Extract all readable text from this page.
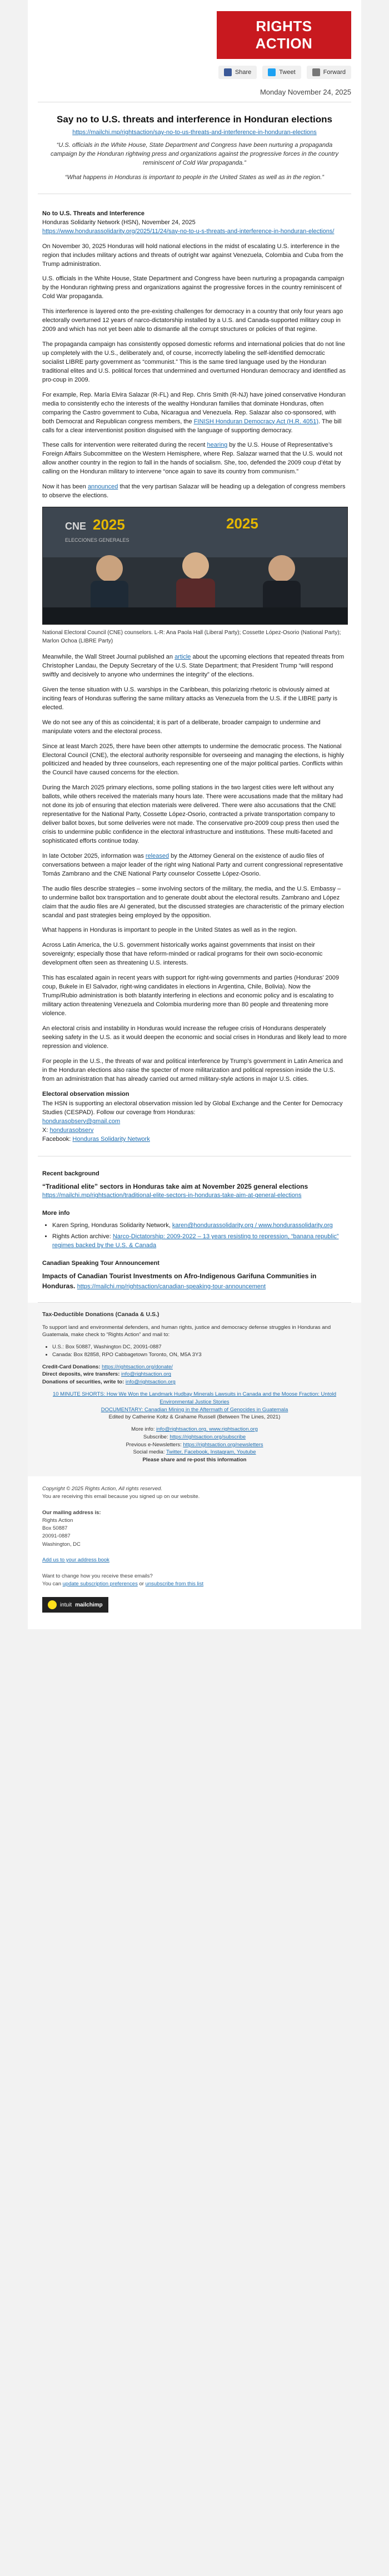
RIGHTS ACTION
Share	Tweet	Forward
Monday November 24, 2025
Say no to U.S. threats and interference in Honduran elections
https://mailchi.mp/rightsaction/say-no-to-us-threats-and-interference-in-honduran-elections

“U.S. officials in the White House, State Department and Congress have been nurturing a propaganda campaign by the Honduran rightwing press and organizations against the progressive forces in the country reminiscent of Cold War propaganda.”

“What happens in Honduras is important to people in the United States as well as in the region.”

No to U.S. Threats and Interference
Honduras Solidarity Network (HSN), November 24, 2025
https://www.hondurassolidarity.org/2025/11/24/say-no-to-u-s-threats-and-interference-in-honduran-elections/

On November 30, 2025 Honduras will hold national elections in the midst of escalating U.S. interference in the region that includes military actions and threats of outright war against Venezuela, Colombia and Cuba from the Trump administration.

U.S. officials in the White House, State Department and Congress have been nurturing a propaganda campaign by the Honduran rightwing press and organizations against the progressive forces in the country reminiscent of Cold War propaganda.

This interference is layered onto the pre-existing challenges for democracy in a country that only four years ago electorally overturned 12 years of narco-dictatorship installed by a U.S. and Canada-supported military coup in 2009 and which has not yet been able to dismantle all the corrupt structures or policies of that regime.

The propaganda campaign has consistently opposed domestic reforms and international policies that do not line up completely with the U.S., deliberately and, of course, incorrectly labeling the self-identified democratic socialist LIBRE party government as “communist.” This is the same tired language used by the Honduran traditional elites and U.S. political forces that undermined and overturned Honduran democracy and identified as pro-coup in 2009.

For example, Rep. María Elvira Salazar (R-FL) and Rep. Chris Smith (R-NJ) have joined conservative Honduran media to consistently echo the interests of the wealthy Honduran families that dominate Honduras, often comparing the Castro government to Cuba, Nicaragua and Venezuela. Rep. Salazar also co-sponsored, with both Democrat and Republican congress members, the FINISH Honduran Democracy Act (H.R. 4051). The bill calls for a clear interventionist position disguised with the language of supporting democracy.

These calls for intervention were reiterated during the recent hearing by the U.S. House of Representative’s Foreign Affairs Subcommittee on the Western Hemisphere, where Rep. Salazar warned that the U.S. would not allow another country in the region to fall in the hands of socialism. She, too, defended the 2009 coup d’état by calling on the Honduran military to intervene “once again to save its country from communism.”

Now it has been announced that the very partisan Salazar will be heading up a delegation of congress members to observe the elections.

CNE 2025	2025
ELECCIONES GENERALES
National Electoral Council (CNE) counselors. L-R: Ana Paola Hall (Liberal Party); Cossette López-Osorio (National Party); Marlon Ochoa (LIBRE Party)

Meanwhile, the Wall Street Journal published an article about the upcoming elections that repeated threats from Christopher Landau, the Deputy Secretary of the U.S. State Department; that President Trump “will respond swiftly and decisively to anyone who undermines the integrity” of the elections.

Given the tense situation with U.S. warships in the Caribbean, this polarizing rhetoric is obviously aimed at inciting fears of Honduras suffering the same military attacks as Venezuela from the U.S. if the LIBRE party is elected.

We do not see any of this as coincidental; it is part of a deliberate, broader campaign to undermine and manipulate voters and the electoral process.

Since at least March 2025, there have been other attempts to undermine the democratic process. The National Electoral Council (CNE), the electoral authority responsible for overseeing and managing the elections, is highly politicized and headed by three counselors, each representing one of the major political parties. Conflicts within the Council have caused concerns for the election.

During the March 2025 primary elections, some polling stations in the two largest cities were left without any ballots, while others received the materials many hours late. There were accusations made that the military had not done its job of ensuring that election materials were delivered. There were also accusations that the CNE representative for the National Party, Cossette López-Osorio, contracted a private transportation company to deliver ballot boxes, but some deliveries were not made. The conservative pro-2009 coup press then used the crisis to undermine public confidence in the electoral infrastructure and institutions. These multi-faceted and sophisticated efforts continue today.

In late October 2025, information was released by the Attorney General on the existence of audio files of conversations between a major leader of the right wing National Party and current congressional representative Tomás Zambrano and the CNE National Party counselor Cossette López-Osorio.

The audio files describe strategies – some involving sectors of the military, the media, and the U.S. Embassy – to undermine ballot box transportation and to generate doubt about the electoral results. Zambrano and López claim that the audio files are AI generated, but the discussed strategies are characteristic of the primary election scandal and past strategies being employed by the opposition.

What happens in Honduras is important to people in the United States as well as in the region.

Across Latin America, the U.S. government historically works against governments that insist on their sovereignty; especially those that have reform-minded or radical programs for their own socio-economic development often seen as threatening U.S. interests.

This has escalated again in recent years with support for right-wing governments and parties (Honduras’ 2009 coup, Bukele in El Salvador, right-wing candidates in elections in Argentina, Chile, Bolivia). Now the Trump/Rubio administration is both blatantly interfering in elections and economic policy and is escalating to military action threatening Venezuela and Colombia murdering more than 80 people and threatening more violence.

An electoral crisis and instability in Honduras would increase the refugee crisis of Hondurans desperately seeking safety in the U.S. as it would deepen the economic and social crises in Honduras and likely lead to more repression and violence.

For people in the U.S., the threats of war and political interference by Trump’s government in Latin America and in the Honduran elections also raise the specter of more militarization and political repression inside the U.S. from an administration that has already carried out armed military-style actions in major U.S. cities.

Electoral observation mission

The HSN is supporting an electoral observation mission led by Global Exchange and the Center for Democracy Studies (CESPAD). Follow our coverage from Honduras:
hondurasobserv@gmail.com
X: hondurasobserv
Facebook: Honduras Solidarity Network

Recent background
“Traditional elite” sectors in Honduras take aim at November 2025 general elections
https://mailchi.mp/rightsaction/traditional-elite-sectors-in-honduras-take-aim-at-general-elections
More info
• Karen Spring, Honduras Solidarity Network, karen@hondurassolidarity.org / www.hondurassolidarity.org
• Rights Action archive: Narco-Dictatorship: 2009-2022 – 13 years resisting to repression, “banana republic” regimes backed by the U.S. & Canada
Canadian Speaking Tour Announcement
Impacts of Canadian Tourist Investments on Afro-Indigenous Garifuna Communities in Honduras. https://mailchi.mp/rightsaction/canadian-speaking-tour-announcement

Tax-Deductible Donations (Canada & U.S.)

To support land and environmental defenders, and human rights, justice and democracy defense struggles in Honduras and Guatemala, make check to “Rights Action” and mail to:

• U.S.: Box 50887, Washington DC, 20091-0887
• Canada: Box 82858, RPO Cabbagetown Toronto, ON, M5A 3Y3

Credit-Card Donations: https://rightsaction.org/donate/
Direct deposits, wire transfers: info@rightsaction.org
Donations of securities, write to: info@rightsaction.org

10 MINUTE SHORTS: How We Won the Landmark Hudbay Minerals Lawsuits in Canada and the Moose Fraction: Untold Environmental Justice Stories
DOCUMENTARY: Canadian Mining in the Aftermath of Genocides in Guatemala
Edited by Catherine Koltz & Grahame Russell (Between The Lines, 2021)

More info: info@rightsaction.org, www.rightsaction.org
Subscribe: https://rightsaction.org/subscribe
Previous e-Newsletters: https://rightsaction.org/newsletters
Social media: Twitter, Facebook, Instagram, Youtube
Please share and re-post this information

Copyright © 2025 Rights Action, All rights reserved.
You are receiving this email because you signed up on our website.

Our mailing address is:
Rights Action
Box 50887
20091-0887
Washington, DC

Add us to your address book

Want to change how you receive these emails?
You can update subscription preferences or unsubscribe from this list
intuit mailchimp
